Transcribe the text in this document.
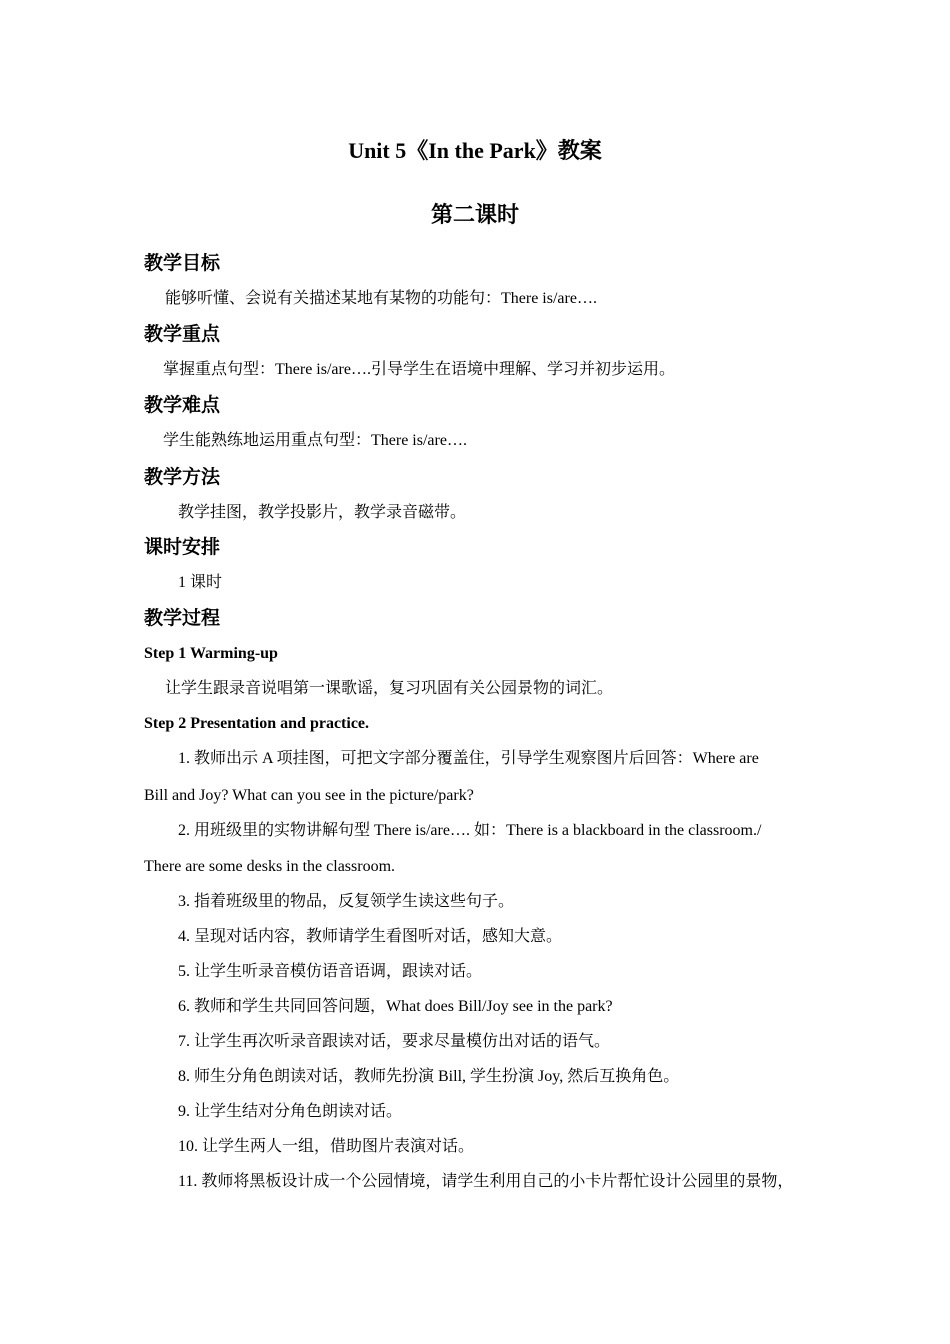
Unit 5《In the Park》教案
第二课时
教学目标
能够听懂、会说有关描述某地有某物的功能句：There is/are….
教学重点
掌握重点句型：There is/are….引导学生在语境中理解、学习并初步运用。
教学难点
学生能熟练地运用重点句型：There is/are….
教学方法
教学挂图，教学投影片，教学录音磁带。
课时安排
1 课时
教学过程
Step 1 Warming-up
让学生跟录音说唱第一课歌谣，复习巩固有关公园景物的词汇。
Step 2 Presentation and practice.
1. 教师出示 A 项挂图，可把文字部分覆盖住，引导学生观察图片后回答：Where are
Bill and Joy? What can you see in the picture/park?
2. 用班级里的实物讲解句型 There is/are…. 如：There is a blackboard in the classroom./
There are some desks in the classroom.
3. 指着班级里的物品，反复领学生读这些句子。
4. 呈现对话内容，教师请学生看图听对话，感知大意。
5. 让学生听录音模仿语音语调，跟读对话。
6. 教师和学生共同回答问题，What does Bill/Joy see in the park?
7. 让学生再次听录音跟读对话，要求尽量模仿出对话的语气。
8. 师生分角色朗读对话，教师先扮演 Bill, 学生扮演 Joy, 然后互换角色。
9. 让学生结对分角色朗读对话。
10. 让学生两人一组，借助图片表演对话。
11. 教师将黑板设计成一个公园情境，请学生利用自己的小卡片帮忙设计公园里的景物，
